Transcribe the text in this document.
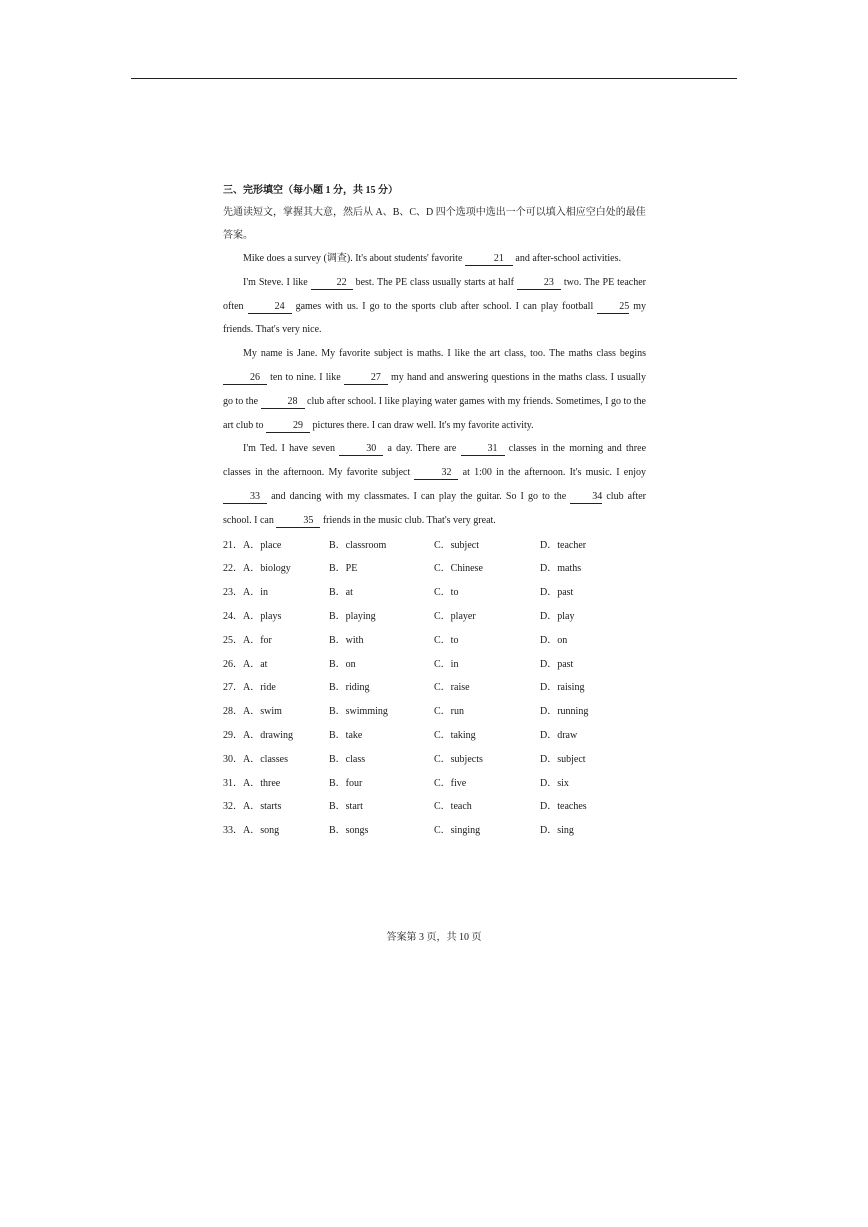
三、完形填空（每小题 1 分，共 15 分）
先通读短文，掌握其大意，然后从 A、B、C、D 四个选项中选出一个可以填入相应空白处的最佳答案。

Mike does a survey (调查). It's about students' favorite	21 and after-school activities.

I'm Steve. I like	22 best. The PE class usually starts at half	23 two. The PE teacher often	24 games with us. I go to the sports club after school. I can play football 25 my friends. That's very nice.

My name is Jane. My favorite subject is maths. I like the art class, too. The maths class begins 26 ten to nine. I like	27 my hand and answering questions in the maths class. I usually go to the	28 club after school. I like playing water games with my friends. Sometimes, I go to the art club to	29 pictures there. I can draw well. It's my favorite activity.

I'm Ted. I have seven	30 a day. There are	31 classes in the morning and three classes in the afternoon. My favorite subject	32 at 1:00 in the afternoon. It's music. I enjoy 33 and dancing with my classmates. I can play the guitar. So I go to the 34 club after school. I can	35 friends in the music club. That's very great.

21．A．place	B．classroom	C．subject	D．teacher
22．A．biology	B．PE	C．Chinese	D．maths
23．A．in	B．at	C．to	D．past
24．A．plays	B．playing	C．player	D．play
25．A．for	B．with	C．to	D．on
26．A．at	B．on	C．in	D．past
27．A．ride	B．riding	C．raise	D．raising
28．A．swim	B．swimming	C．run	D．running
29．A．drawing	B．take	C．taking	D．draw
30．A．classes	B．class	C．subjects	D．subject
31．A．three	B．four	C．five	D．six
32．A．starts	B．start	C．teach	D．teaches
33．A．song	B．songs	C．singing	D．sing
答案第 3 页，共 10 页
